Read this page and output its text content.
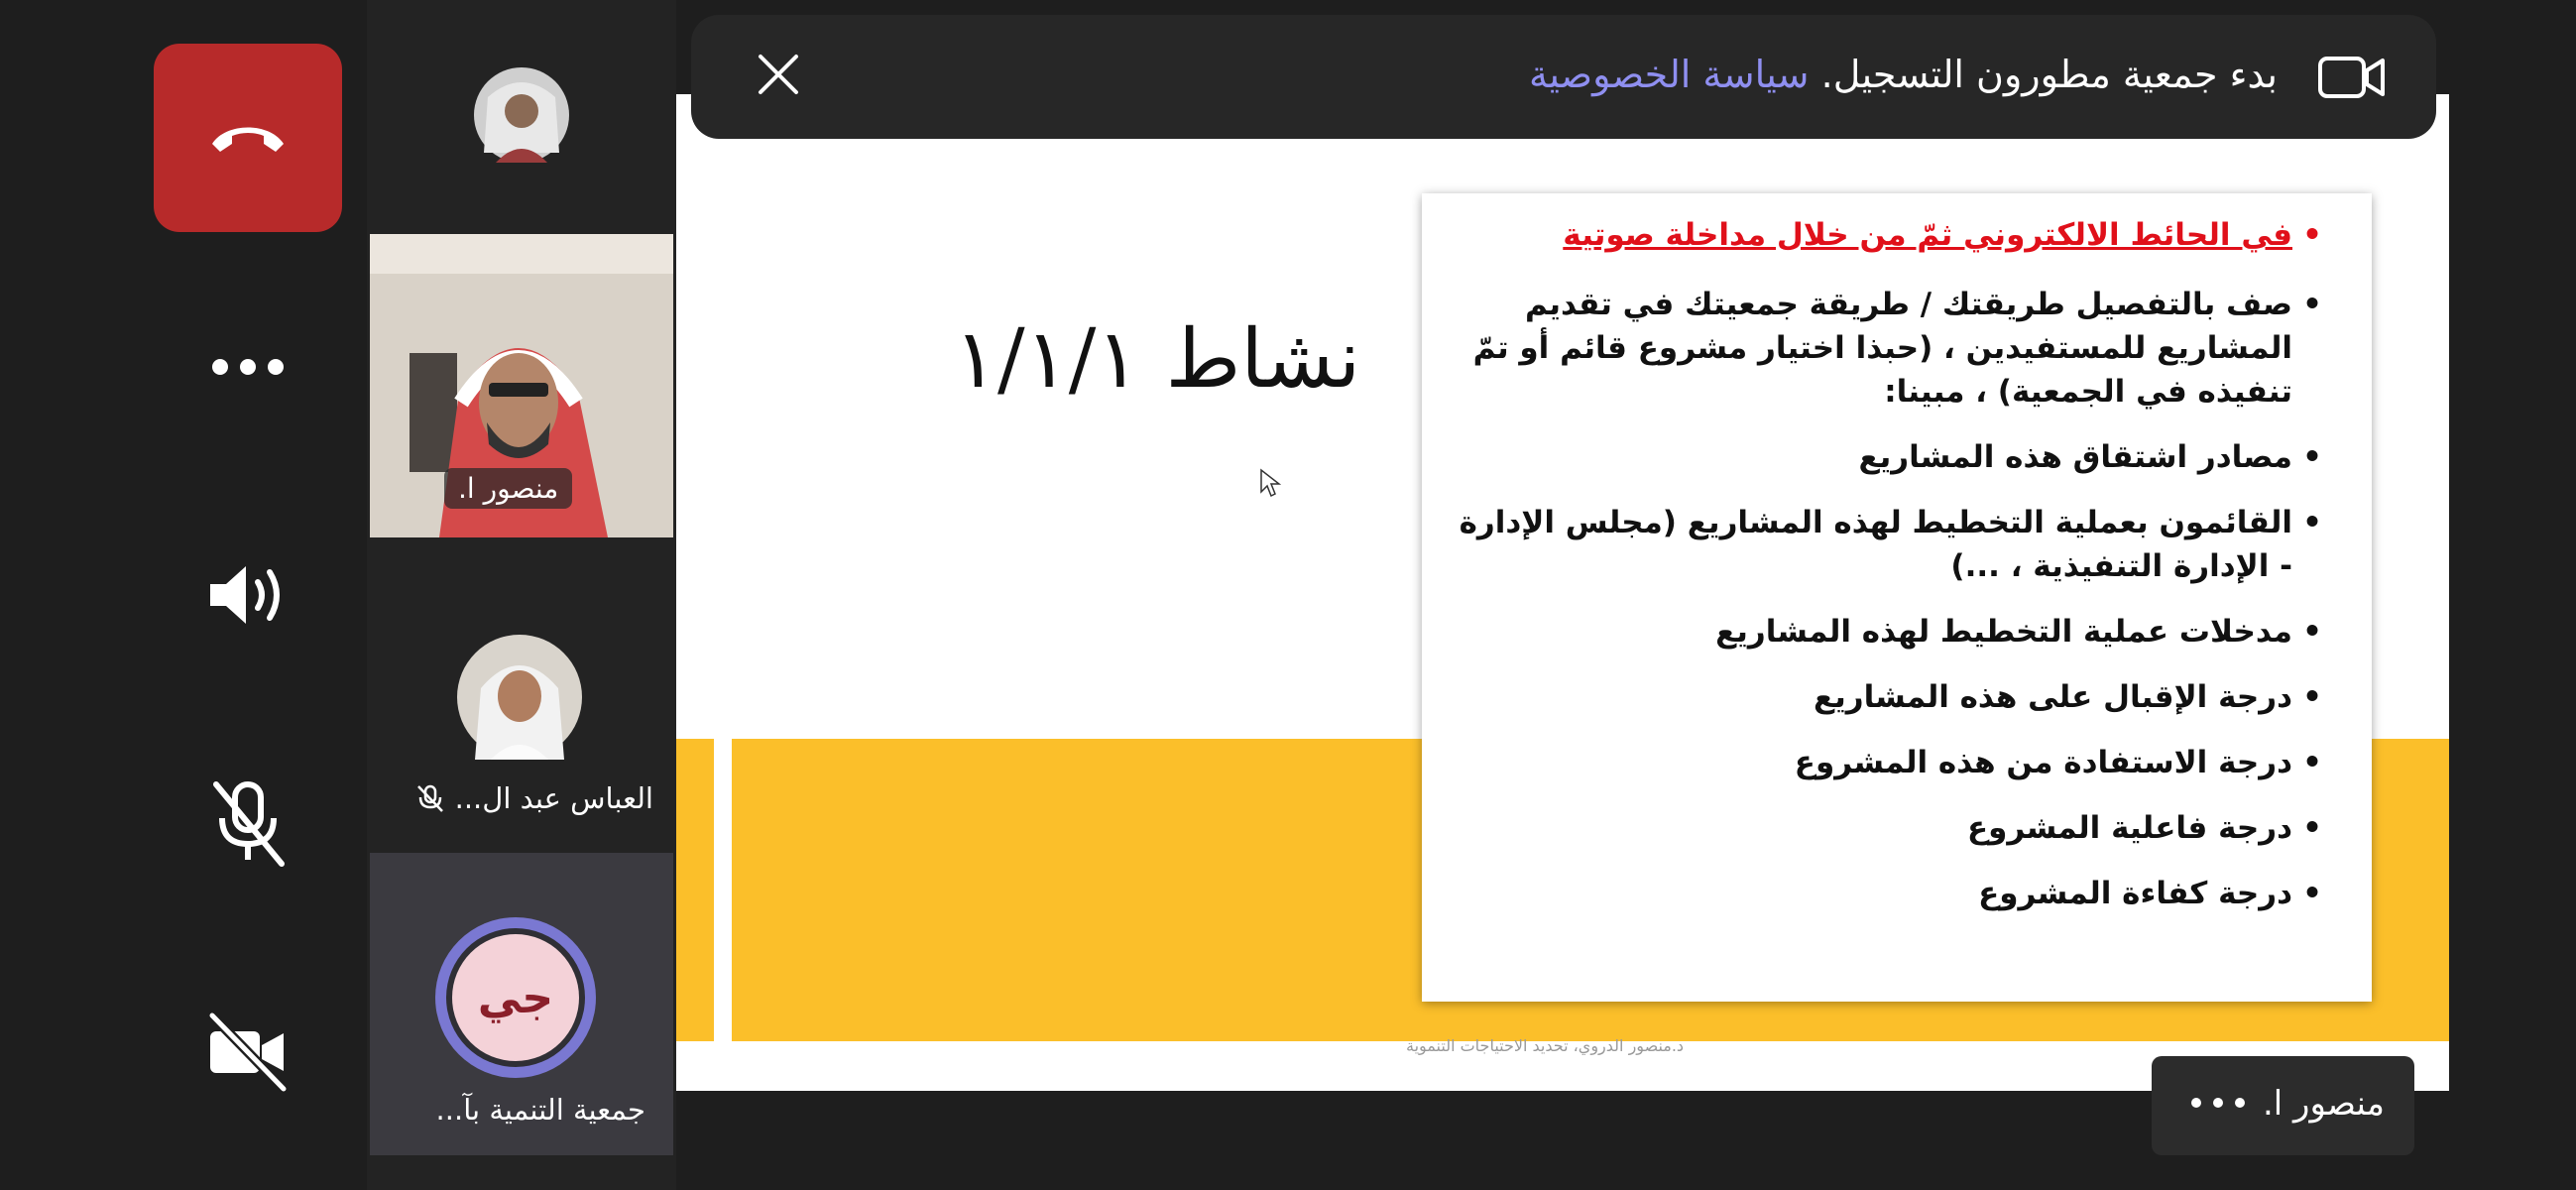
منصور ا.
العباس عبد ال...
جي
جمعية التنمية بآ...
نشاط ١/١/١
• في الحائط الالكتروني ثمّ من خلال مداخلة صوتية
• صف بالتفصيل طريقتك / طريقة جمعيتك في تقديم المشاريع للمستفيدين ، (حبذا اختيار مشروع قائم أو تمّ تنفيذه في الجمعية) ، مبينا:
• مصادر اشتقاق هذه المشاريع
• القائمون بعملية التخطيط لهذه المشاريع (مجلس الإدارة - الإدارة التنفيذية ، ...)
• مدخلات عملية التخطيط لهذه المشاريع
• درجة الإقبال على هذه المشاريع
• درجة الاستفادة من هذه المشروع
• درجة فاعلية المشروع
• درجة كفاءة المشروع
د.منصور الدروي، تحديد الاحتياجات التنموية
بدء جمعية مطورون التسجيل. سياسة الخصوصية
منصور ا.
